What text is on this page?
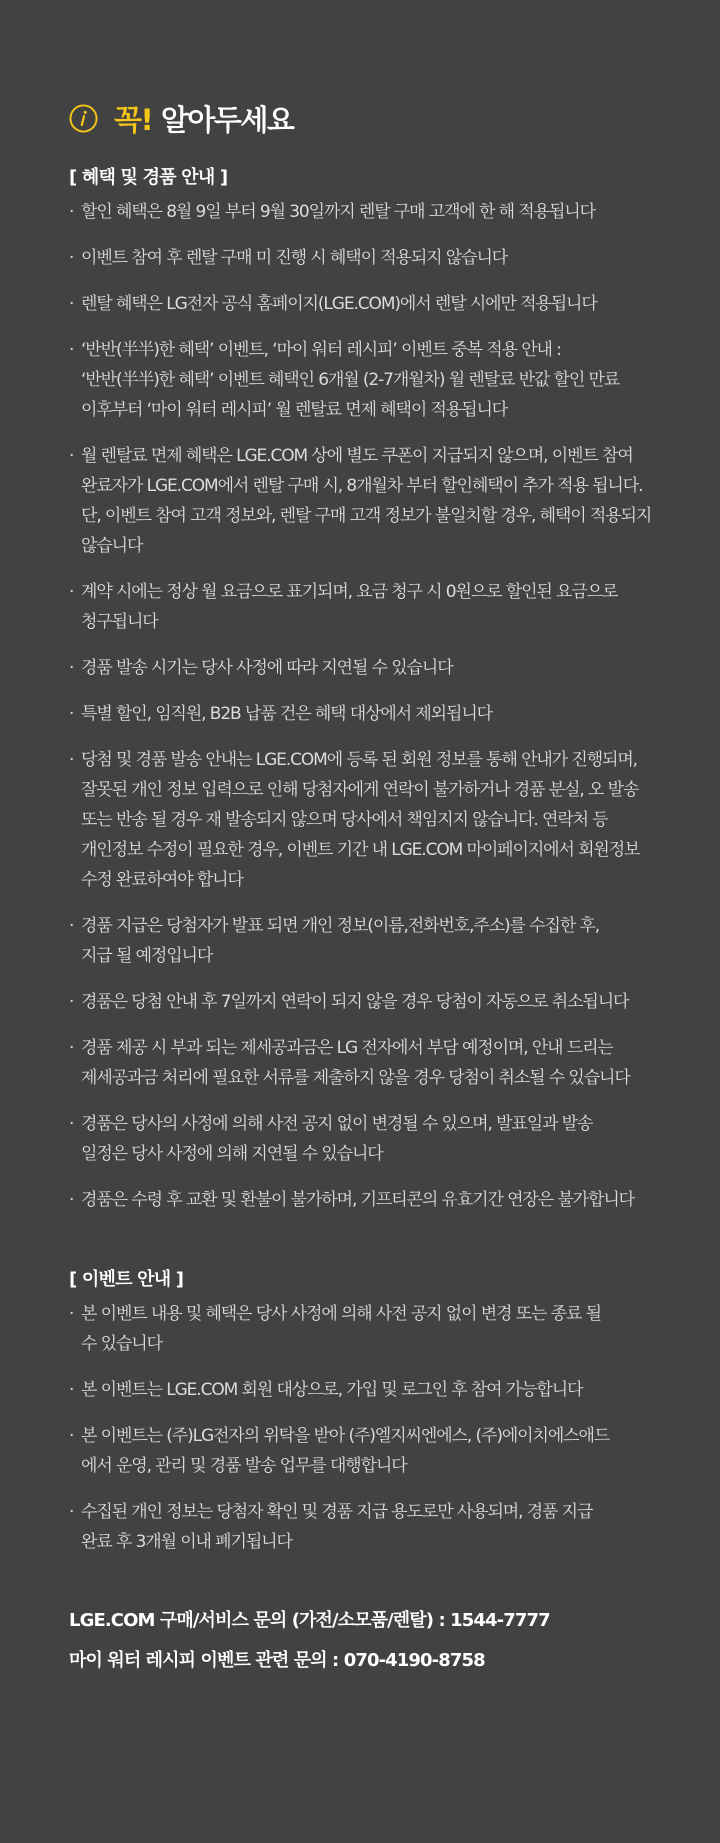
꼭! 알아두세요
[ 혜택 및 경품 안내 ]
· 할인 혜택은 8월 9일 부터 9월 30일까지 렌탈 구매 고객에 한 해 적용됩니다
· 이벤트 참여 후 렌탈 구매 미 진행 시 혜택이 적용되지 않습니다
· 렌탈 혜택은 LG전자 공식 홈페이지(LGE.COM)에서 렌탈 시에만 적용됩니다
· ‘반반(半半)한 혜택’ 이벤트, ‘마이 워터 레시피’ 이벤트 중복 적용 안내 :
‘반반(半半)한 혜택’ 이벤트 혜택인 6개월 (2-7개월차) 월 렌탈료 반값 할인 만료
이후부터 ‘마이 워터 레시피’ 월 렌탈료 면제 혜택이 적용됩니다
· 월 렌탈료 면제 혜택은 LGE.COM 상에 별도 쿠폰이 지급되지 않으며, 이벤트 참여
완료자가 LGE.COM에서 렌탈 구매 시, 8개월차 부터 할인혜택이 추가 적용 됩니다.
단, 이벤트 참여 고객 정보와, 렌탈 구매 고객 정보가 불일치할 경우, 혜택이 적용되지
않습니다
· 계약 시에는 정상 월 요금으로 표기되며, 요금 청구 시 0원으로 할인된 요금으로
청구됩니다
· 경품 발송 시기는 당사 사정에 따라 지연될 수 있습니다
· 특별 할인, 임직원, B2B 납품 건은 혜택 대상에서 제외됩니다
· 당첨 및 경품 발송 안내는 LGE.COM에 등록 된 회원 정보를 통해 안내가 진행되며,
잘못된 개인 정보 입력으로 인해 당첨자에게 연락이 불가하거나 경품 분실, 오 발송
또는 반송 될 경우 재 발송되지 않으며 당사에서 책임지지 않습니다. 연락처 등
개인정보 수정이 필요한 경우, 이벤트 기간 내 LGE.COM 마이페이지에서 회원정보
수정 완료하여야 합니다
· 경품 지급은 당첨자가 발표 되면 개인 정보(이름,전화번호,주소)를 수집한 후,
지급 될 예정입니다
· 경품은 당첨 안내 후 7일까지 연락이 되지 않을 경우 당첨이 자동으로 취소됩니다
· 경품 제공 시 부과 되는 제세공과금은 LG 전자에서 부담 예정이며, 안내 드리는
제세공과금 처리에 필요한 서류를 제출하지 않을 경우 당첨이 취소될 수 있습니다
· 경품은 당사의 사정에 의해 사전 공지 없이 변경될 수 있으며, 발표일과 발송
일정은 당사 사정에 의해 지연될 수 있습니다
· 경품은 수령 후 교환 및 환불이 불가하며, 기프티콘의 유효기간 연장은 불가합니다
[ 이벤트 안내 ]
· 본 이벤트 내용 및 혜택은 당사 사정에 의해 사전 공지 없이 변경 또는 종료 될
수 있습니다
· 본 이벤트는 LGE.COM 회원 대상으로, 가입 및 로그인 후 참여 가능합니다
· 본 이벤트는 (주)LG전자의 위탁을 받아 (주)엘지씨엔에스, (주)에이치에스애드
에서 운영, 관리 및 경품 발송 업무를 대행합니다
· 수집된 개인 정보는 당첨자 확인 및 경품 지급 용도로만 사용되며, 경품 지급
완료 후 3개월 이내 폐기됩니다
LGE.COM 구매/서비스 문의 (가전/소모품/렌탈) : 1544-7777
마이 워터 레시피 이벤트 관련 문의 : 070-4190-8758
